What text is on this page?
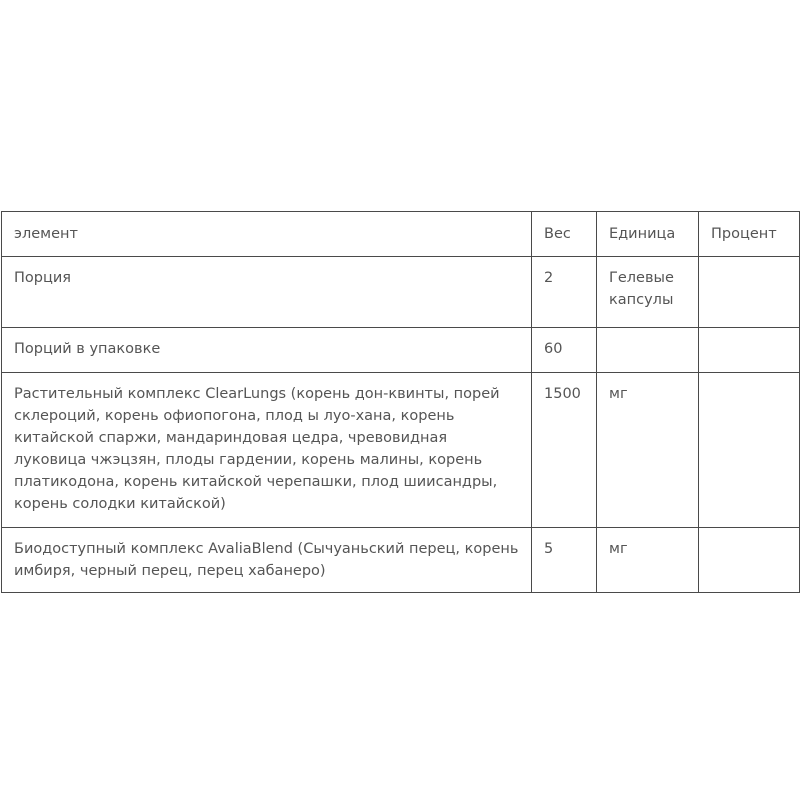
элемент	Вес	Единица	Процент
Порция	2	Гелевые капсулы	
Порций в упаковке	60		
Растительный комплекс ClearLungs (корень дон-квинты, порей склероций, корень офиопогона, плод ы луо-хана, корень китайской спаржи, мандариндовая цедра, чревовидная луковица чжэцзян, плоды гардении, корень малины, корень платикодона, корень китайской черепашки, плод шиисандры, корень солодки китайской)	1500	мг	
Биодоступный комплекс AvaliaBlend (Сычуаньский перец, корень имбиря, черный перец, перец хабанеро)	5	мг	
